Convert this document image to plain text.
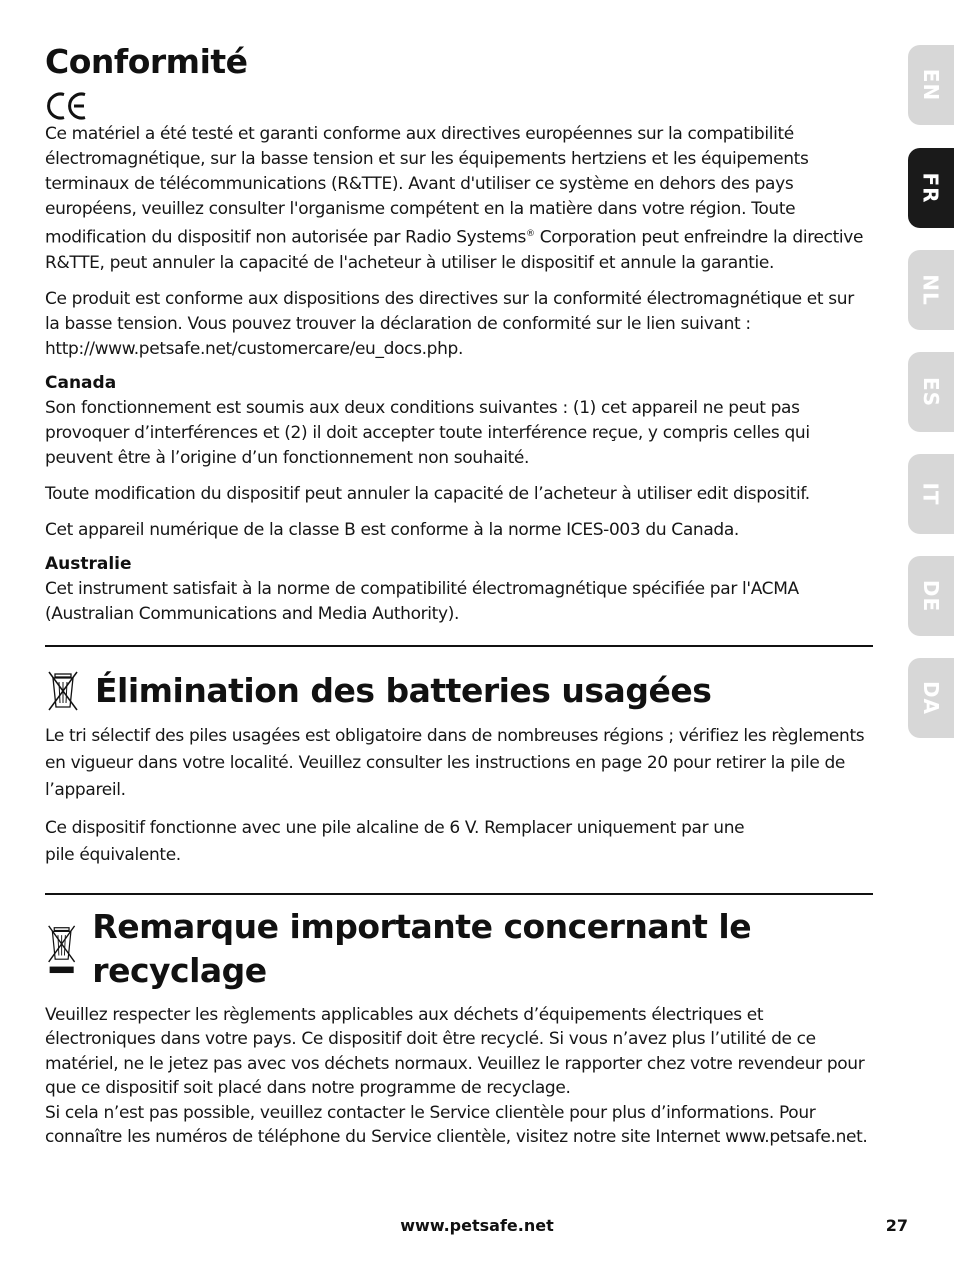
Conformité

Ce matériel a été testé et garanti conforme aux directives européennes sur la compatibilité électromagnétique, sur la basse tension et sur les équipements hertziens et les équipements terminaux de télécommunications (R&TTE). Avant d'utiliser ce système en dehors des pays européens, veuillez consulter l'organisme compétent en la matière dans votre région. Toute modification du dispositif non autorisée par Radio Systems® Corporation peut enfreindre la directive R&TTE, peut annuler la capacité de l'acheteur à utiliser le dispositif et annule la garantie.

Ce produit est conforme aux dispositions des directives sur la conformité électromagnétique et sur la basse tension. Vous pouvez trouver la déclaration de conformité sur le lien suivant : http://www.petsafe.net/customercare/eu_docs.php.

Canada

Son fonctionnement est soumis aux deux conditions suivantes : (1) cet appareil ne peut pas provoquer d’interférences et (2) il doit accepter toute interférence reçue, y compris celles qui peuvent être à l’origine d’un fonctionnement non souhaité.

Toute modification du dispositif peut annuler la capacité de l’acheteur à utiliser edit dispositif.

Cet appareil numérique de la classe B est conforme à la norme ICES-003 du Canada.

Australie

Cet instrument satisfait à la norme de compatibilité électromagnétique spécifiée par l'ACMA (Australian Communications and Media Authority).

Élimination des batteries usagées

Le tri sélectif des piles usagées est obligatoire dans de nombreuses régions ; vérifiez les règlements en vigueur dans votre localité. Veuillez consulter les instructions en page 20 pour retirer la pile de l’appareil.

Ce dispositif fonctionne avec une pile alcaline de 6 V. Remplacer uniquement par une
pile équivalente.

Remarque importante concernant le recyclage

Veuillez respecter les règlements applicables aux déchets d’équipements électriques et électroniques dans votre pays. Ce dispositif doit être recyclé. Si vous n’avez plus l’utilité de ce matériel, ne le jetez pas avec vos déchets normaux. Veuillez le rapporter chez votre revendeur pour que ce dispositif soit placé dans notre programme de recyclage.

Si cela n’est pas possible, veuillez contacter le Service clientèle pour plus d’informations. Pour connaître les numéros de téléphone du Service clientèle, visitez notre site Internet www.petsafe.net.

EN
FR
NL
ES
IT
DE
DA
www.petsafe.net	27
